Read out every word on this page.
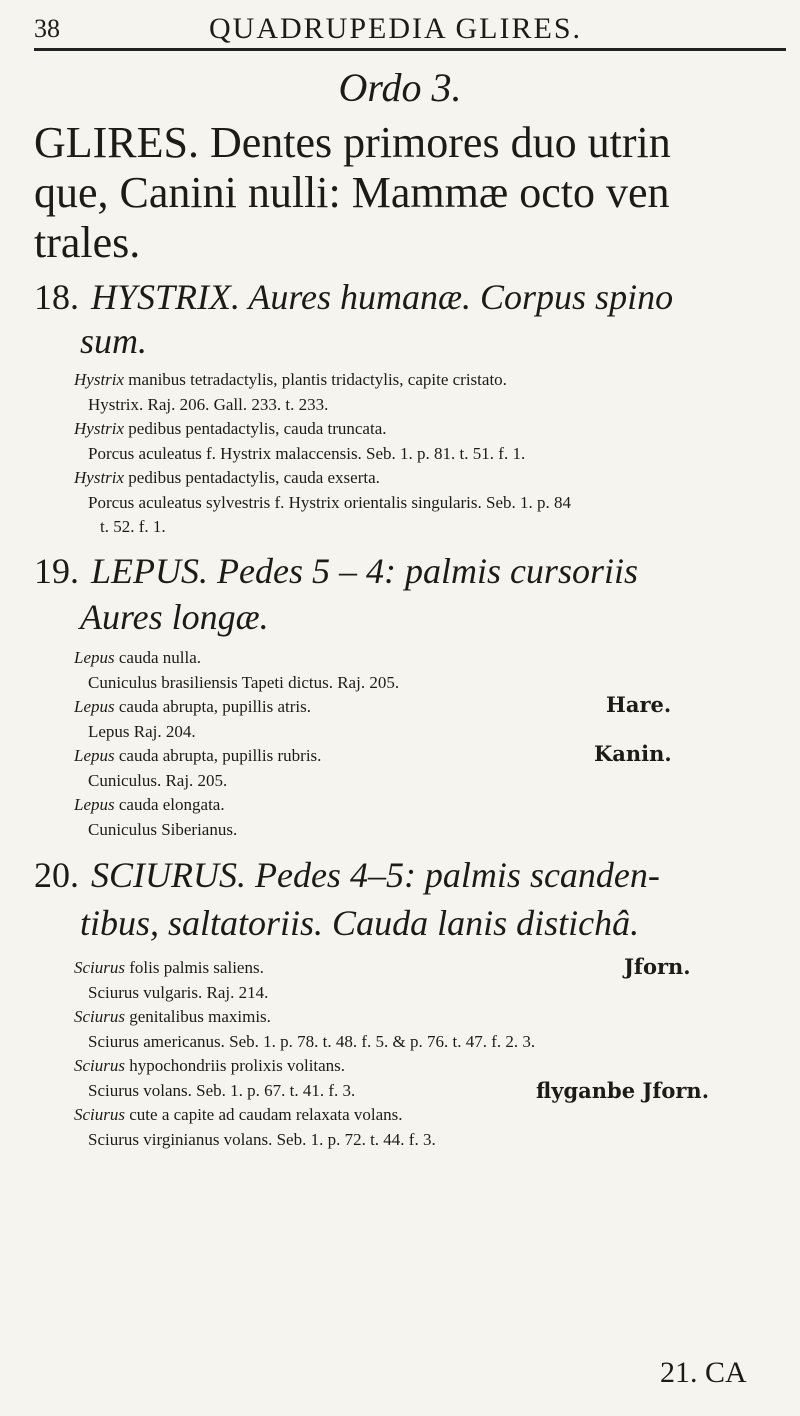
38	QUADRUPEDIA GLIRES.
Ordo 3.
GLIRES. Dentes primores duo utrin
que, Canini nulli: Mammæ octo ven
trales.
18. HYSTRIX. Aures humanæ. Corpus spino
sum.
Hystrix manibus tetradactylis, plantis tridactylis, capite cristato.
Hystrix. Raj. 206. Gall. 233. t. 233.
Hystrix pedibus pentadactylis, cauda truncata.
Porcus aculeatus f. Hystrix malaccensis. Seb. 1. p. 81. t. 51. f. 1.
Hystrix pedibus pentadactylis, cauda exserta.
Porcus aculeatus sylvestris f. Hystrix orientalis singularis. Seb. 1. p. 84
t. 52. f. 1.
19. LEPUS. Pedes 5 – 4: palmis cursoriis
Aures longæ.
Lepus cauda nulla.
Cuniculus brasiliensis Tapeti dictus. Raj. 205.
Lepus cauda abrupta, pupillis atris.
Lepus Raj. 204.
Lepus cauda abrupta, pupillis rubris.
Cuniculus. Raj. 205.
Lepus cauda elongata.
Cuniculus Siberianus.
Hare.
Kanin.
20. SCIURUS. Pedes 4–5: palmis scanden-
tibus, saltatoriis. Cauda lanis distichâ.
Sciurus folis palmis saliens.
Sciurus vulgaris. Raj. 214.
Sciurus genitalibus maximis.
Sciurus americanus. Seb. 1. p. 78. t. 48. f. 5. & p. 76. t. 47. f. 2. 3.
Sciurus hypochondriis prolixis volitans.
Sciurus volans. Seb. 1. p. 67. t. 41. f. 3.
Sciurus cute a capite ad caudam relaxata volans.
Sciurus virginianus volans. Seb. 1. p. 72. t. 44. f. 3.
Jforn.
flyganbe Jforn.
21. CA
